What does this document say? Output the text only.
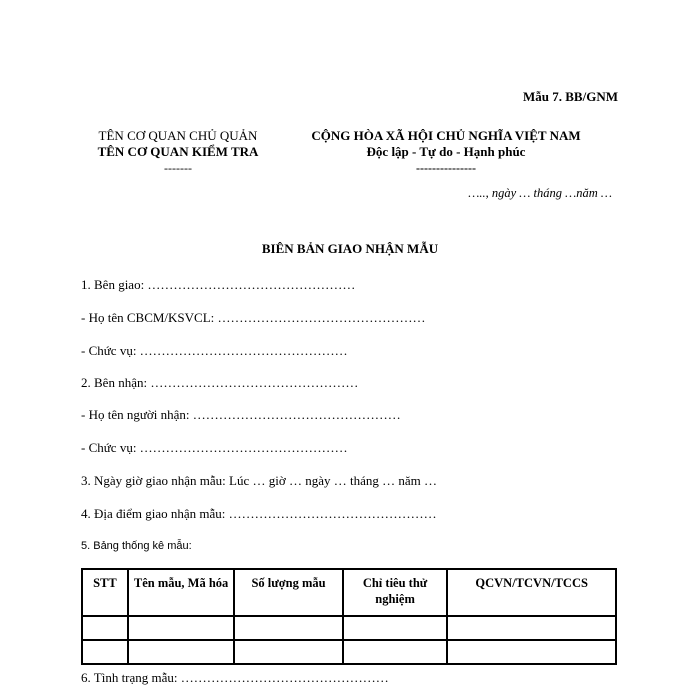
Mẫu 7. BB/GNM
TÊN CƠ QUAN CHỦ QUẢN
TÊN CƠ QUAN KIỂM TRA
-------
CỘNG HÒA XÃ HỘI CHỦ NGHĨA VIỆT NAM
Độc lập - Tự do - Hạnh phúc
---------------
….., ngày … tháng …năm …
BIÊN BẢN GIAO NHẬN MẪU
1. Bên giao: …………………………………………
- Họ tên CBCM/KSVCL: …………………………………………
- Chức vụ: …………………………………………
2. Bên nhận: …………………………………………
- Họ tên người nhận: …………………………………………
- Chức vụ: …………………………………………
3. Ngày giờ giao nhận mẫu: Lúc … giờ … ngày … tháng … năm …
4. Địa điểm giao nhận mẫu: …………………………………………
5. Bảng thống kê mẫu:
STT	Tên mẫu, Mã hóa	Số lượng mẫu	Chỉ tiêu thử nghiệm	QCVN/TCVN/TCCS

6. Tình trạng mẫu: …………………………………………
